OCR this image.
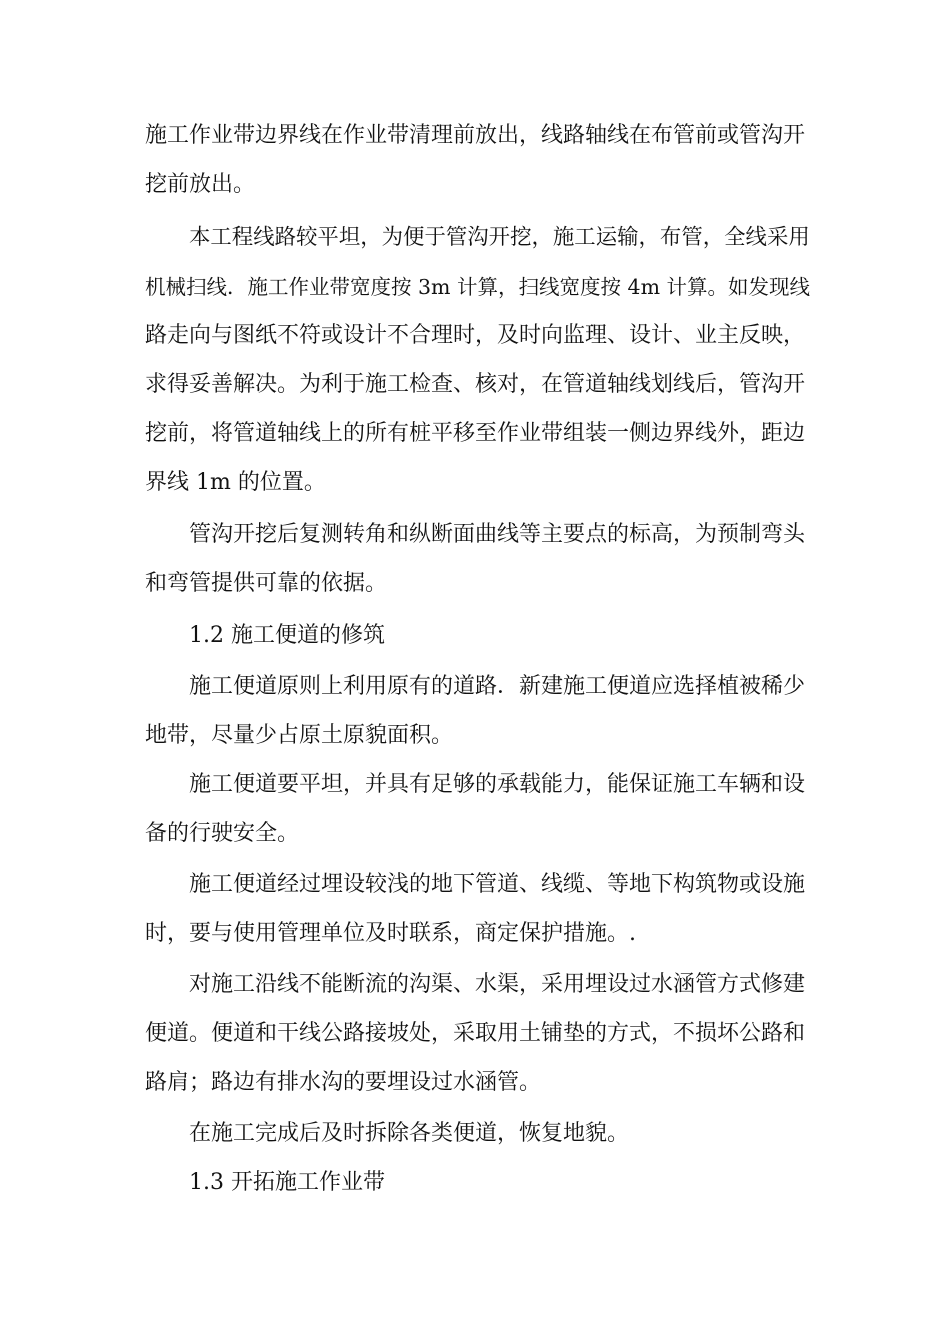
施工作业带边界线在作业带清理前放出，线路轴线在布管前或管沟开
挖前放出。
本工程线路较平坦，为便于管沟开挖，施工运输，布管，全线采用
机械扫线．施工作业带宽度按 3m 计算，扫线宽度按 4m 计算。如发现线
路走向与图纸不符或设计不合理时，及时向监理、设计、业主反映，
求得妥善解决。为利于施工检查、核对，在管道轴线划线后，管沟开
挖前，将管道轴线上的所有桩平移至作业带组装一侧边界线外，距边
界线 1m 的位置。
管沟开挖后复测转角和纵断面曲线等主要点的标高，为预制弯头
和弯管提供可靠的依据。
1.2 施工便道的修筑
施工便道原则上利用原有的道路．新建施工便道应选择植被稀少
地带，尽量少占原土原貌面积。
施工便道要平坦，并具有足够的承载能力，能保证施工车辆和设
备的行驶安全。
施工便道经过埋设较浅的地下管道、线缆、等地下构筑物或设施
时，要与使用管理单位及时联系，商定保护措施。.
对施工沿线不能断流的沟渠、水渠，采用埋设过水涵管方式修建
便道。便道和干线公路接坡处，采取用土铺垫的方式，不损坏公路和
路肩；路边有排水沟的要埋设过水涵管。
在施工完成后及时拆除各类便道，恢复地貌。
1.3 开拓施工作业带
